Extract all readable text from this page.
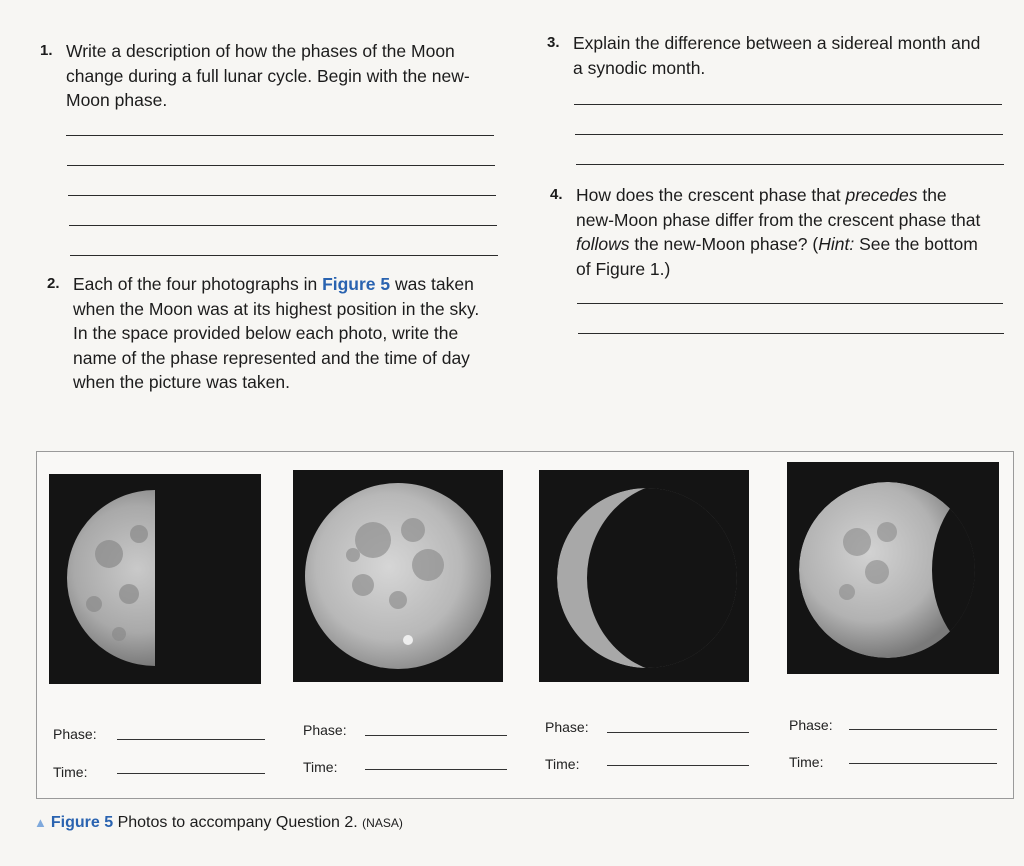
1. Write a description of how the phases of the Moon

change during a full lunar cycle. Begin with the new-

Moon phase.

2. Each of the four photographs in Figure 5 was taken

when the Moon was at its highest position in the sky.

In the space provided below each photo, write the

name of the phase represented and the time of day

when the picture was taken.

3. Explain the difference between a sidereal month and

a synodic month.

4. How does the crescent phase that precedes the

new-Moon phase differ from the crescent phase that

follows the new-Moon phase? (Hint: See the bottom

of Figure 1.)

Phase:
Time:
Phase:
Time:
Phase:
Time:
Phase:
Time:
▲ Figure 5 Photos to accompany Question 2. (NASA)
